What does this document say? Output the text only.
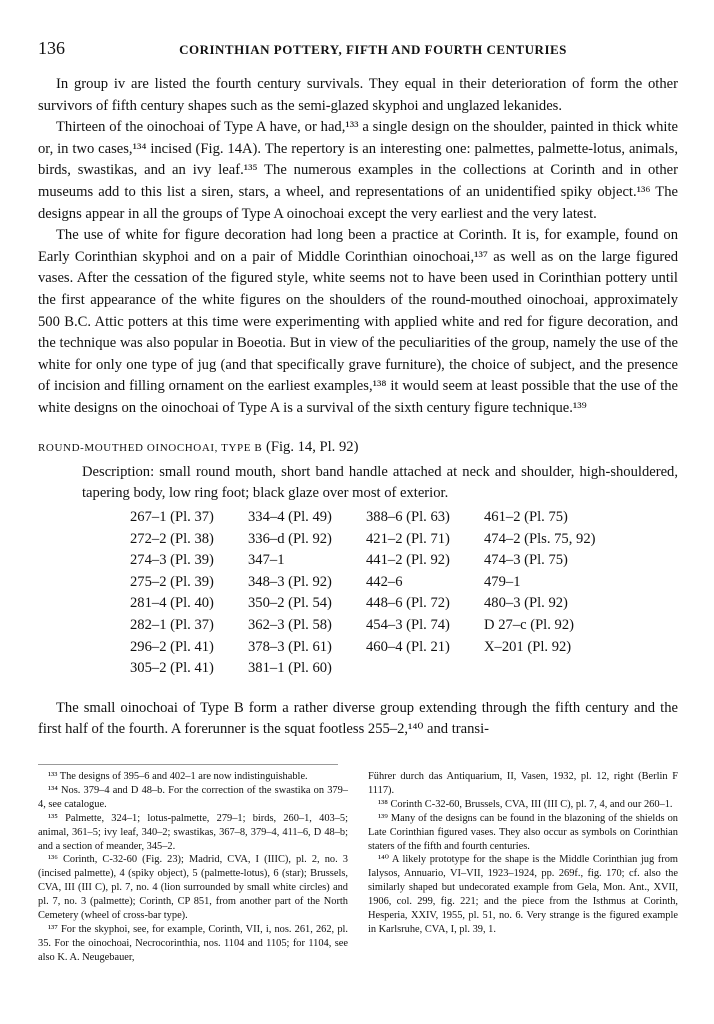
136	CORINTHIAN POTTERY, FIFTH AND FOURTH CENTURIES

In group iv are listed the fourth century survivals. They equal in their deterioration of form the other survivors of fifth century shapes such as the semi-glazed skyphoi and unglazed lekanides.

Thirteen of the oinochoai of Type A have, or had,¹³³ a single design on the shoulder, painted in thick white or, in two cases,¹³⁴ incised (Fig. 14A). The repertory is an interesting one: palmettes, palmette-lotus, animals, birds, swastikas, and an ivy leaf.¹³⁵ The numerous examples in the collections at Corinth and in other museums add to this list a siren, stars, a wheel, and representations of an unidentified spiky object.¹³⁶ The designs appear in all the groups of Type A oinochoai except the very earliest and the very latest.

The use of white for figure decoration had long been a practice at Corinth. It is, for example, found on Early Corinthian skyphoi and on a pair of Middle Corinthian oinochoai,¹³⁷ as well as on the large figured vases. After the cessation of the figured style, white seems not to have been used in Corinthian pottery until the first appearance of the white figures on the shoulders of the round-mouthed oinochoai, approximately 500 B.C. Attic potters at this time were experimenting with applied white and red for figure decoration, and the technique was also popular in Boeotia. But in view of the peculiarities of the group, namely the use of the white for only one type of jug (and that specifically grave furniture), the choice of subject, and the presence of incision and filling ornament on the earliest examples,¹³⁸ it would seem at least possible that the use of the white designs on the oinochoai of Type A is a survival of the sixth century figure technique.¹³⁹

ROUND-MOUTHED OINOCHOAI, TYPE B (Fig. 14, Pl. 92)
Description: small round mouth, short band handle attached at neck and shoulder, high-shouldered, tapering body, low ring foot; black glaze over most of exterior.
267–1 (Pl. 37)	334–4 (Pl. 49)	388–6 (Pl. 63)	461–2 (Pl. 75)
272–2 (Pl. 38)	336–d (Pl. 92)	421–2 (Pl. 71)	474–2 (Pls. 75, 92)
274–3 (Pl. 39)	347–1	441–2 (Pl. 92)	474–3 (Pl. 75)
275–2 (Pl. 39)	348–3 (Pl. 92)	442–6	479–1
281–4 (Pl. 40)	350–2 (Pl. 54)	448–6 (Pl. 72)	480–3 (Pl. 92)
282–1 (Pl. 37)	362–3 (Pl. 58)	454–3 (Pl. 74)	D 27–c (Pl. 92)
296–2 (Pl. 41)	378–3 (Pl. 61)	460–4 (Pl. 21)	X–201 (Pl. 92)
305–2 (Pl. 41)	381–1 (Pl. 60)

The small oinochoai of Type B form a rather diverse group extending through the fifth century and the first half of the fourth. A forerunner is the squat footless 255–2,¹⁴⁰ and transi-

¹³³ The designs of 395–6 and 402–1 are now indistinguishable.

¹³⁴ Nos. 379–4 and D 48–b. For the correction of the swastika on 379–4, see catalogue.

¹³⁵ Palmette, 324–1; lotus-palmette, 279–1; birds, 260–1, 403–5; animal, 361–5; ivy leaf, 340–2; swastikas, 367–8, 379–4, 411–6, D 48–b; and a section of meander, 345–2.

¹³⁶ Corinth, C-32-60 (Fig. 23); Madrid, CVA, I (IIIC), pl. 2, no. 3 (incised palmette), 4 (spiky object), 5 (palmette-lotus), 6 (star); Brussels, CVA, III (III C), pl. 7, no. 4 (lion surrounded by small white circles) and pl. 7, no. 3 (palmette); Corinth, CP 851, from another part of the North Cemetery (wheel of cross-bar type).

¹³⁷ For the skyphoi, see, for example, Corinth, VII, i, nos. 261, 262, pl. 35. For the oinochoai, Necrocorinthia, nos. 1104 and 1105; for 1104, see also K. A. Neugebauer,

Führer durch das Antiquarium, II, Vasen, 1932, pl. 12, right (Berlin F 1117).

¹³⁸ Corinth C-32-60, Brussels, CVA, III (III C), pl. 7, 4, and our 260–1.

¹³⁹ Many of the designs can be found in the blazoning of the shields on Late Corinthian figured vases. They also occur as symbols on Corinthian staters of the fifth and fourth centuries.

¹⁴⁰ A likely prototype for the shape is the Middle Corinthian jug from Ialysos, Annuario, VI–VII, 1923–1924, pp. 269f., fig. 170; cf. also the similarly shaped but undecorated example from Gela, Mon. Ant., XVII, 1906, col. 299, fig. 221; and the piece from the Isthmus at Corinth, Hesperia, XXIV, 1955, pl. 51, no. 6. Very strange is the figured example in Karlsruhe, CVA, I, pl. 39, 1.
